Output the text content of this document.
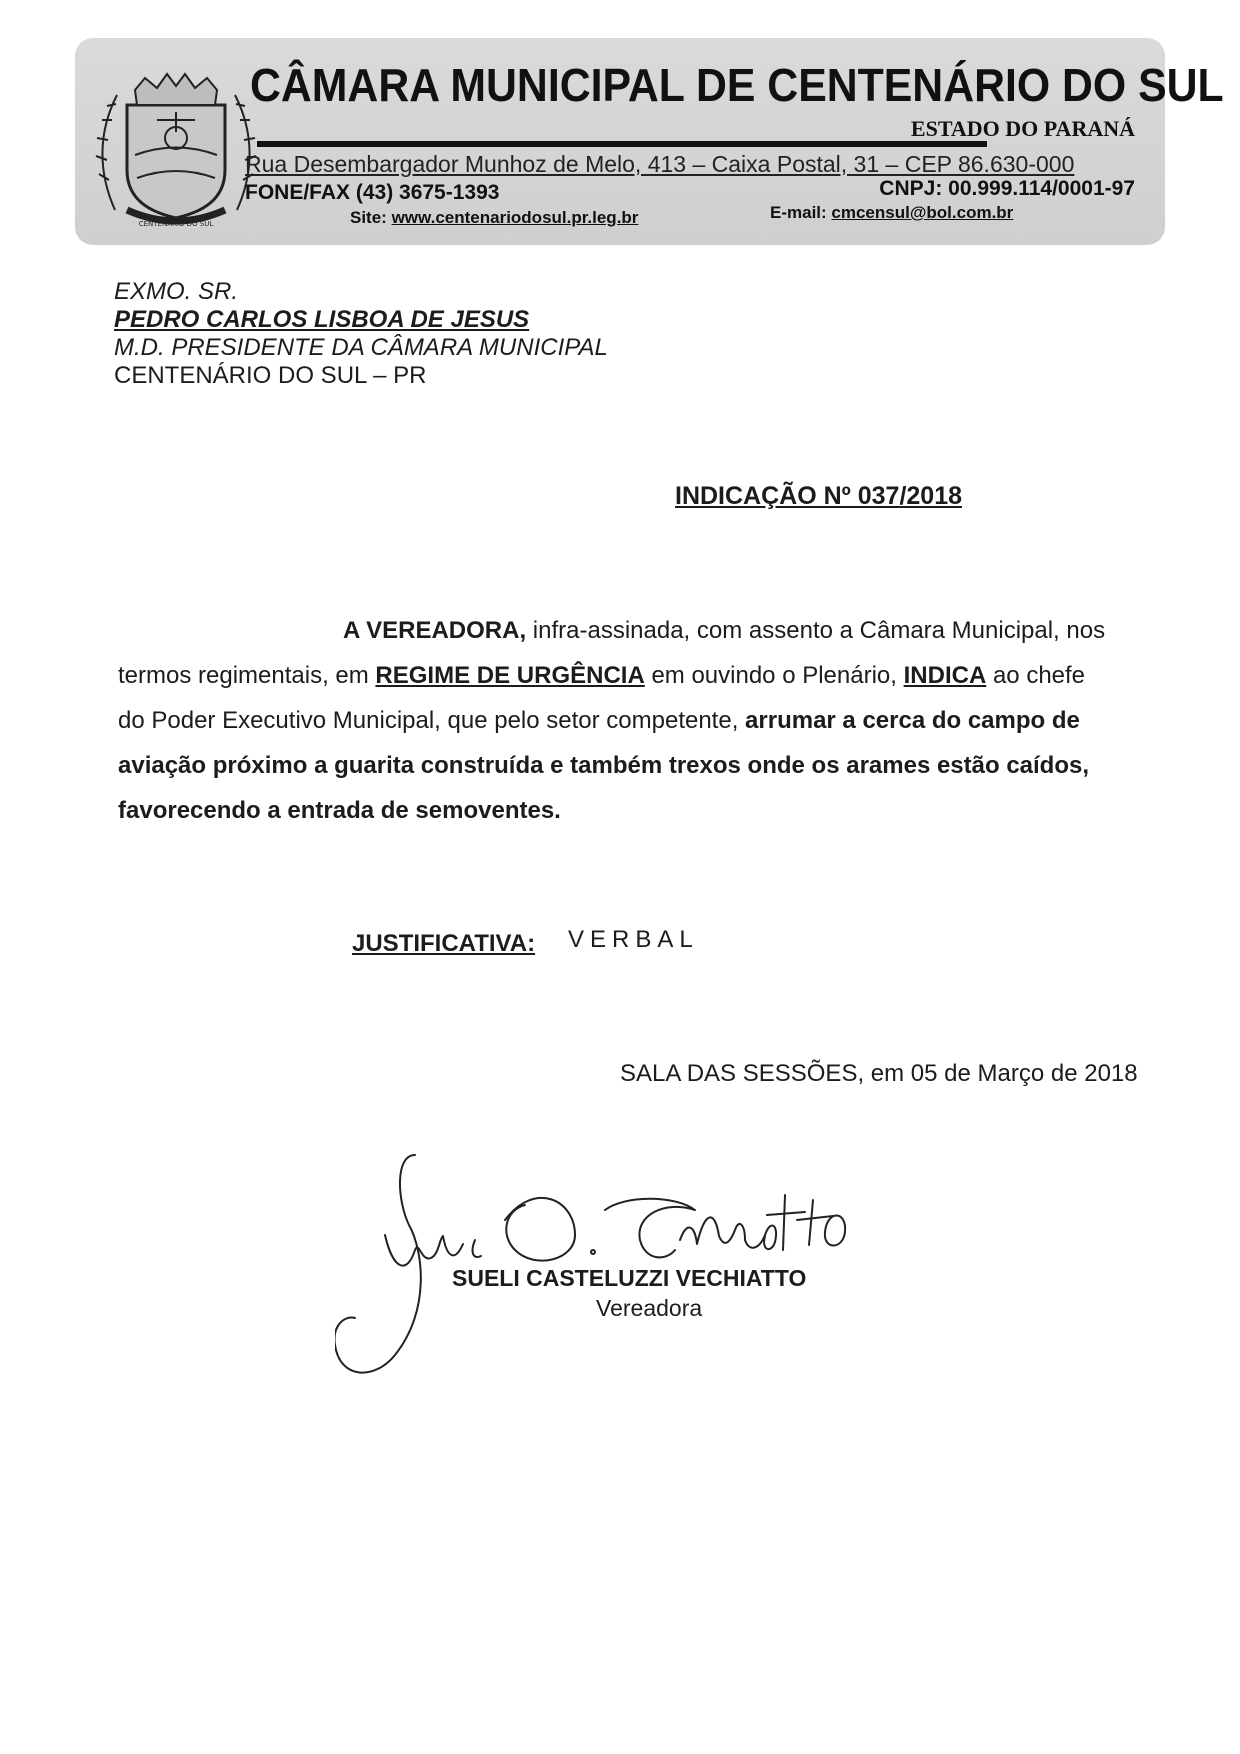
CENTENÁRIO DO SUL
CÂMARA MUNICIPAL DE CENTENÁRIO DO SUL
ESTADO DO PARANÁ
Rua Desembargador Munhoz de Melo, 413 – Caixa Postal, 31 – CEP 86.630-000
FONE/FAX (43) 3675-1393	CNPJ: 00.999.114/0001-97
Site: www.centenariodosul.pr.leg.br	E-mail: cmcensul@bol.com.br
EXMO. SR.
PEDRO CARLOS LISBOA DE JESUS
M.D. PRESIDENTE DA CÂMARA MUNICIPAL
CENTENÁRIO DO SUL – PR
INDICAÇÃO Nº 037/2018
A VEREADORA, infra-assinada, com assento a Câmara Municipal, nos
termos regimentais, em REGIME DE URGÊNCIA em ouvindo o Plenário, INDICA ao chefe
do Poder Executivo Municipal, que pelo setor competente, arrumar a cerca do campo de
aviação próximo a guarita construída e também trexos onde os arames estão caídos,
favorecendo a entrada de semoventes.
JUSTIFICATIVA: VERBAL
SALA DAS SESSÕES, em 05 de Março de 2018
SUELI CASTELUZZI VECHIATTO
Vereadora
